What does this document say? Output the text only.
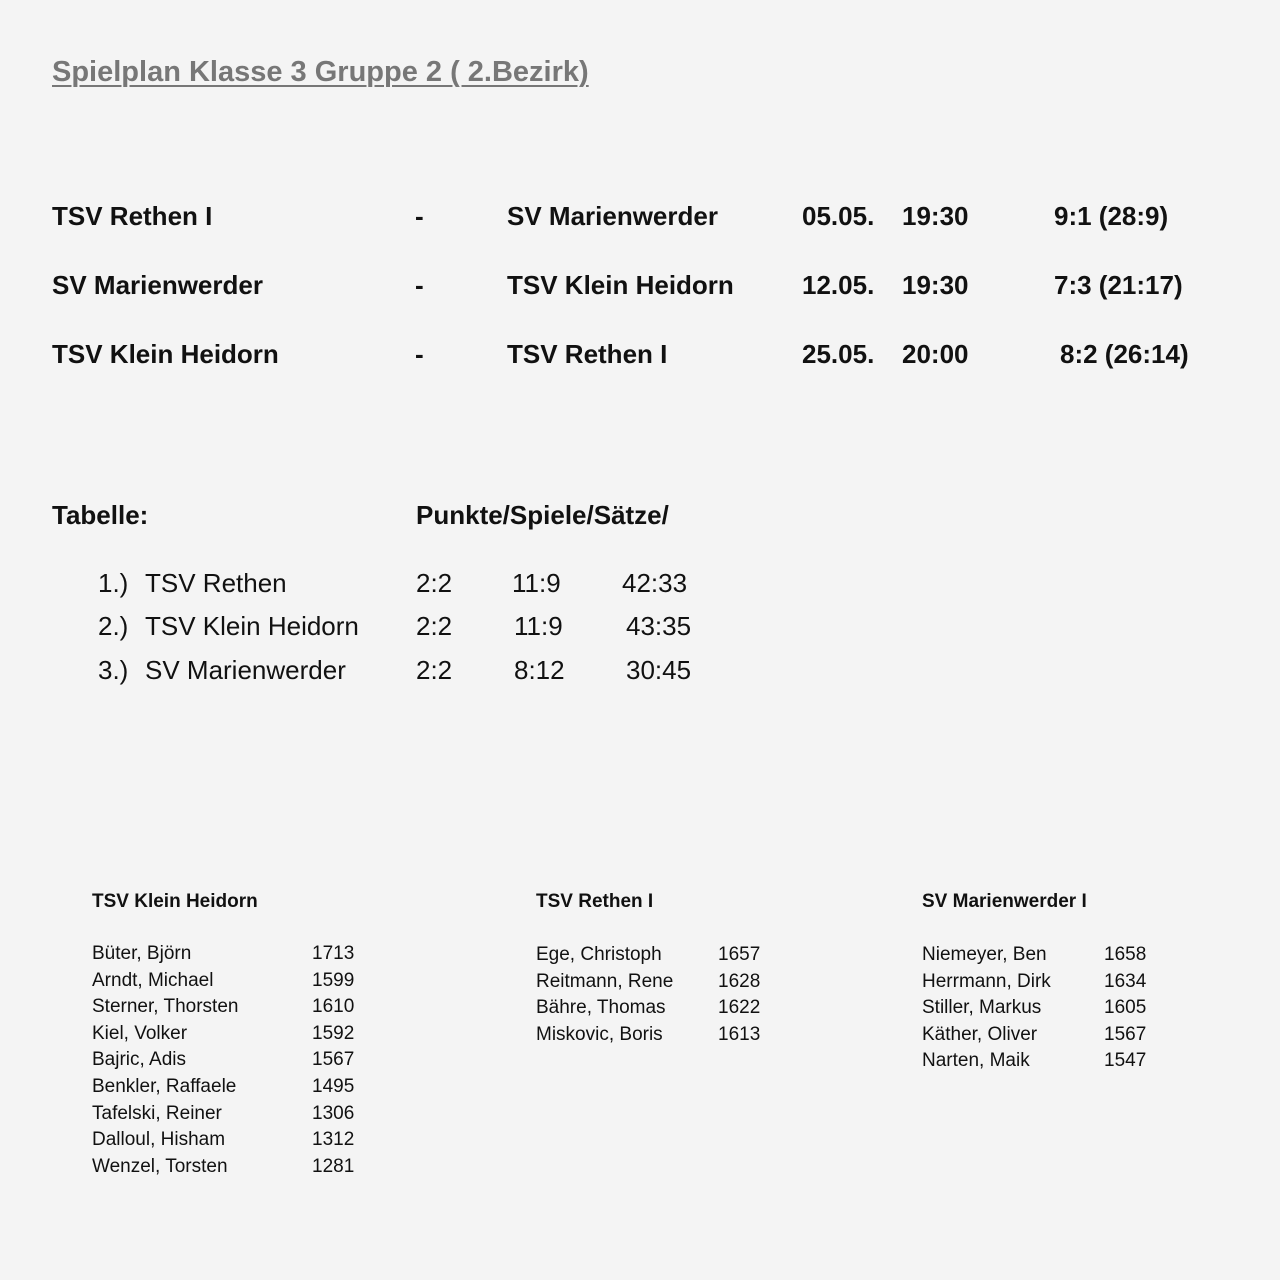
Spielplan Klasse 3 Gruppe 2 ( 2.Bezirk)
TSV Rethen I	-	SV Marienwerder	05.05. 19:30	9:1 (28:9)
SV Marienwerder	-	TSV Klein Heidorn	12.05. 19:30	7:3 (21:17)
TSV Klein Heidorn	-	TSV Rethen I	25.05. 20:00	8:2 (26:14)
Tabelle:	Punkte/Spiele/Sätze/
1.) TSV Rethen	2:2 11:9 42:33
2.) TSV Klein Heidorn 2:2 11:9 43:35
3.) SV Marienwerder	2:2 8:12 30:45
TSV Klein Heidorn
Büter, Björn	1713
Arndt, Michael	1599
Sterner, Thorsten	1610
Kiel, Volker	1592
Bajric, Adis	1567
Benkler, Raffaele	1495
Tafelski, Reiner	1306
Dalloul, Hisham	1312
Wenzel, Torsten	1281
TSV Rethen I
Ege, Christoph	1657
Reitmann, Rene 1628
Bähre, Thomas	1622
Miskovic, Boris	1613
SV Marienwerder I
Niemeyer, Ben	1658
Herrmann, Dirk	1634
Stiller, Markus	1605
Käther, Oliver	1567
Narten, Maik	1547
